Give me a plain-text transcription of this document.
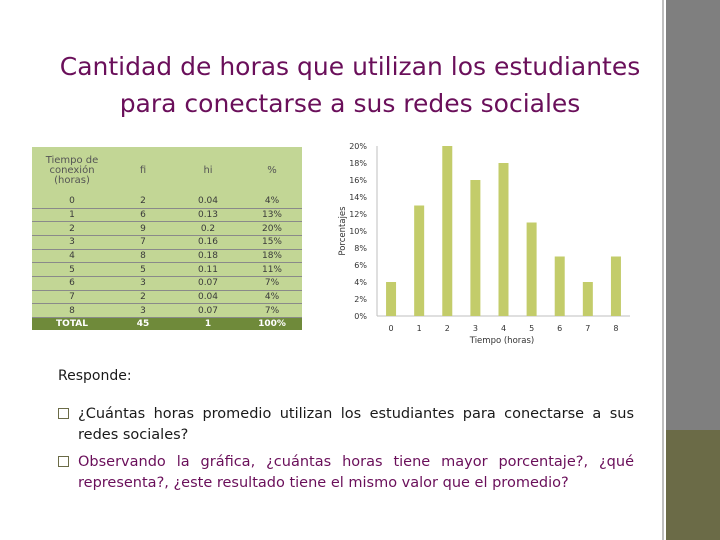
Cantidad de horas que utilizan los estudiantes
para conectarse a sus redes sociales
Tiempo de conexión (horas)	fi	hi	%
0	2	0.04	4%
1	6	0.13	13%
2	9	0.2	20%
3	7	0.16	15%
4	8	0.18	18%
5	5	0.11	11%
6	3	0.07	7%
7	2	0.04	4%
8	3	0.07	7%
TOTAL	45	1	100%
0%
2%
4%
6%
8%
10%
12%
14%
16%
18%
20%
0	1	2	3	4	5	6	7	8
Tiempo (horas)
Porcentajes
Responde:
¿Cuántas horas promedio utilizan los estudiantes para conectarse a sus redes sociales?
Observando la gráfica, ¿cuántas horas tiene mayor porcentaje?, ¿qué representa?, ¿este resultado tiene el mismo valor que el promedio?
